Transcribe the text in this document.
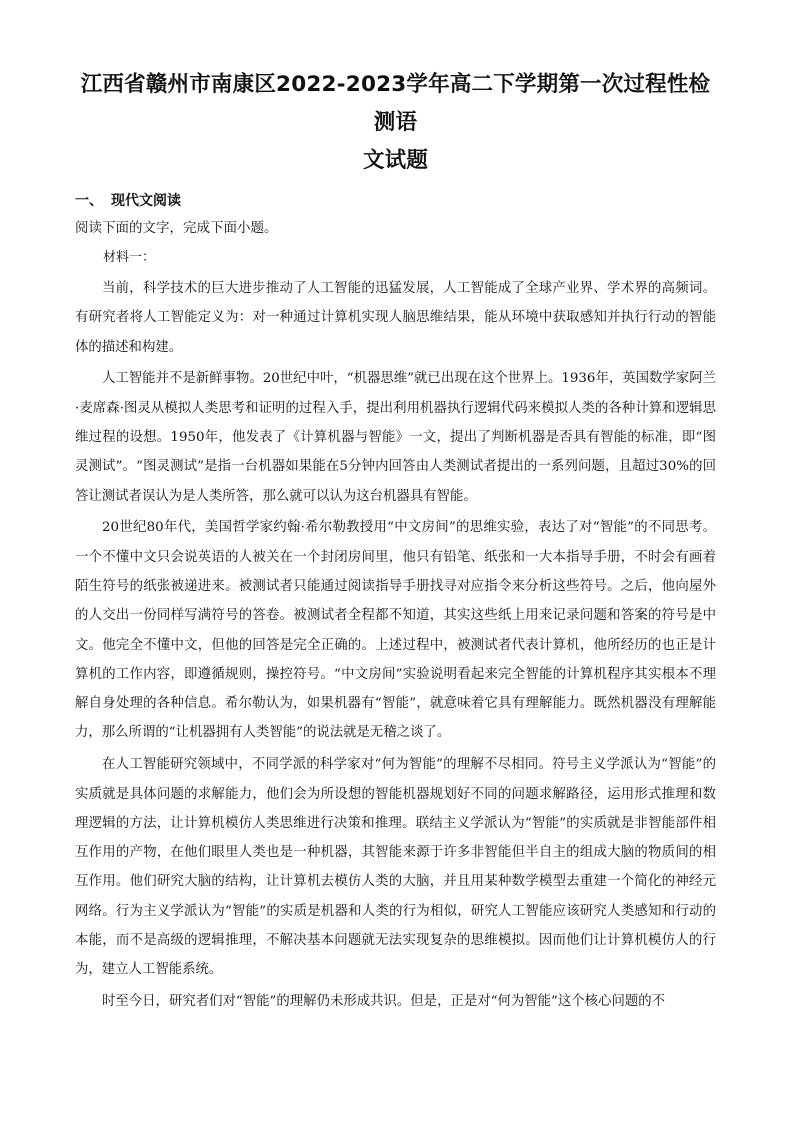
江西省赣州市南康区2022-2023学年高二下学期第一次过程性检测语
文试题
一、 现代文阅读
阅读下面的文字，完成下面小题。
材料一：

当前，科学技术的巨大进步推动了人工智能的迅猛发展，人工智能成了全球产业界、学术界的高频词。有研究者将人工智能定义为：对一种通过计算机实现人脑思维结果，能从环境中获取感知并执行行动的智能体的描述和构建。

人工智能并不是新鲜事物。20世纪中叶，“机器思维”就已出现在这个世界上。1936年，英国数学家阿兰·麦席森·图灵从模拟人类思考和证明的过程入手，提出利用机器执行逻辑代码来模拟人类的各种计算和逻辑思维过程的设想。1950年，他发表了《计算机器与智能》一文，提出了判断机器是否具有智能的标准，即“图灵测试”。“图灵测试”是指一台机器如果能在5分钟内回答由人类测试者提出的一系列问题，且超过30%的回答让测试者误认为是人类所答，那么就可以认为这台机器具有智能。

20世纪80年代，美国哲学家约翰·希尔勒教授用“中文房间”的思维实验，表达了对“智能”的不同思考。一个不懂中文只会说英语的人被关在一个封闭房间里，他只有铅笔、纸张和一大本指导手册，不时会有画着陌生符号的纸张被递进来。被测试者只能通过阅读指导手册找寻对应指令来分析这些符号。之后，他向屋外的人交出一份同样写满符号的答卷。被测试者全程都不知道，其实这些纸上用来记录问题和答案的符号是中文。他完全不懂中文，但他的回答是完全正确的。上述过程中，被测试者代表计算机，他所经历的也正是计算机的工作内容，即遵循规则，操控符号。“中文房间”实验说明看起来完全智能的计算机程序其实根本不理解自身处理的各种信息。希尔勒认为，如果机器有“智能”，就意味着它具有理解能力。既然机器没有理解能力，那么所谓的“让机器拥有人类智能”的说法就是无稽之谈了。

在人工智能研究领域中，不同学派的科学家对“何为智能”的理解不尽相同。符号主义学派认为“智能”的实质就是具体问题的求解能力，他们会为所设想的智能机器规划好不同的问题求解路径，运用形式推理和数理逻辑的方法，让计算机模仿人类思维进行决策和推理。联结主义学派认为“智能”的实质就是非智能部件相互作用的产物，在他们眼里人类也是一种机器，其智能来源于许多非智能但半自主的组成大脑的物质间的相互作用。他们研究大脑的结构，让计算机去模仿人类的大脑，并且用某种数学模型去重建一个简化的神经元网络。行为主义学派认为“智能”的实质是机器和人类的行为相似，研究人工智能应该研究人类感知和行动的本能，而不是高级的逻辑推理，不解决基本问题就无法实现复杂的思维模拟。因而他们让计算机模仿人的行为，建立人工智能系统。

时至今日，研究者们对“智能”的理解仍未形成共识。但是，正是对“何为智能”这个核心问题的不
